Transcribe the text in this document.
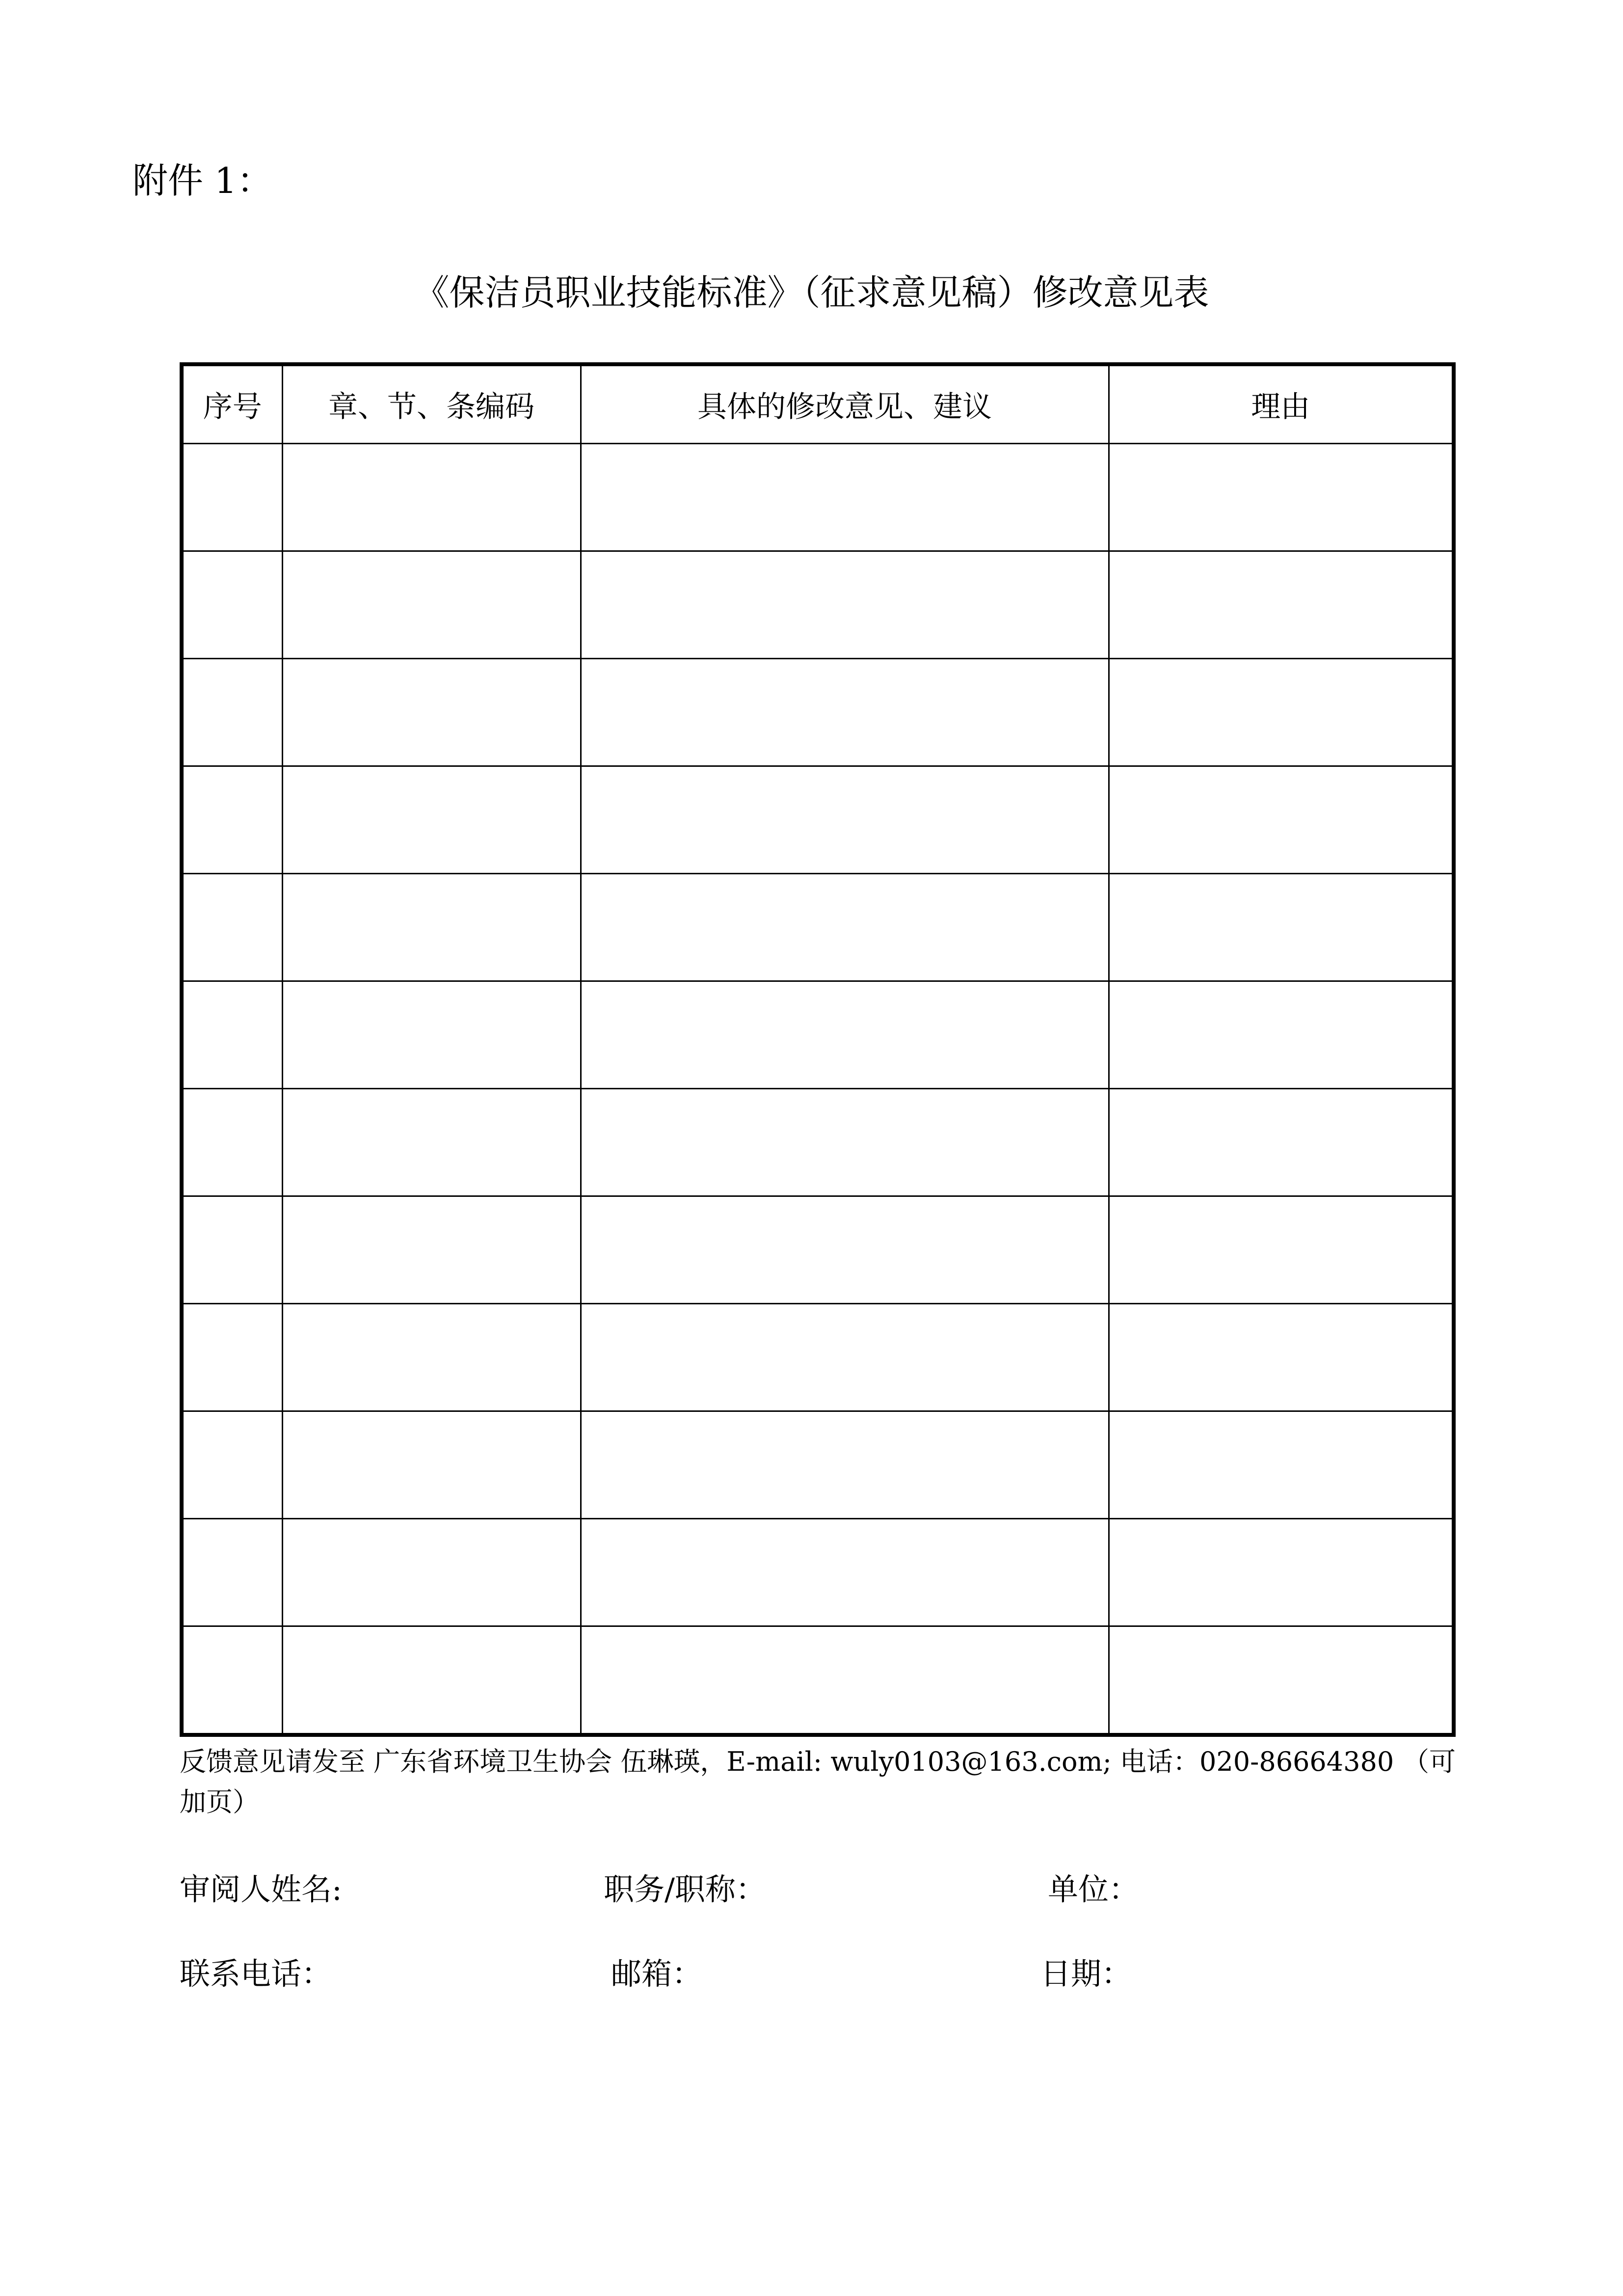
附件 1：
《保洁员职业技能标准》（征求意见稿）修改意见表
序号	章、节、条编码	具体的修改意见、建议	理由

反馈意见请发至 广东省环境卫生协会 伍琳瑛，E-mail: wuly0103@163.com; 电话：020-86664380 （可
加页）
审阅人姓名:	职务/职称：	单位：
联系电话：	邮箱：	日期：
